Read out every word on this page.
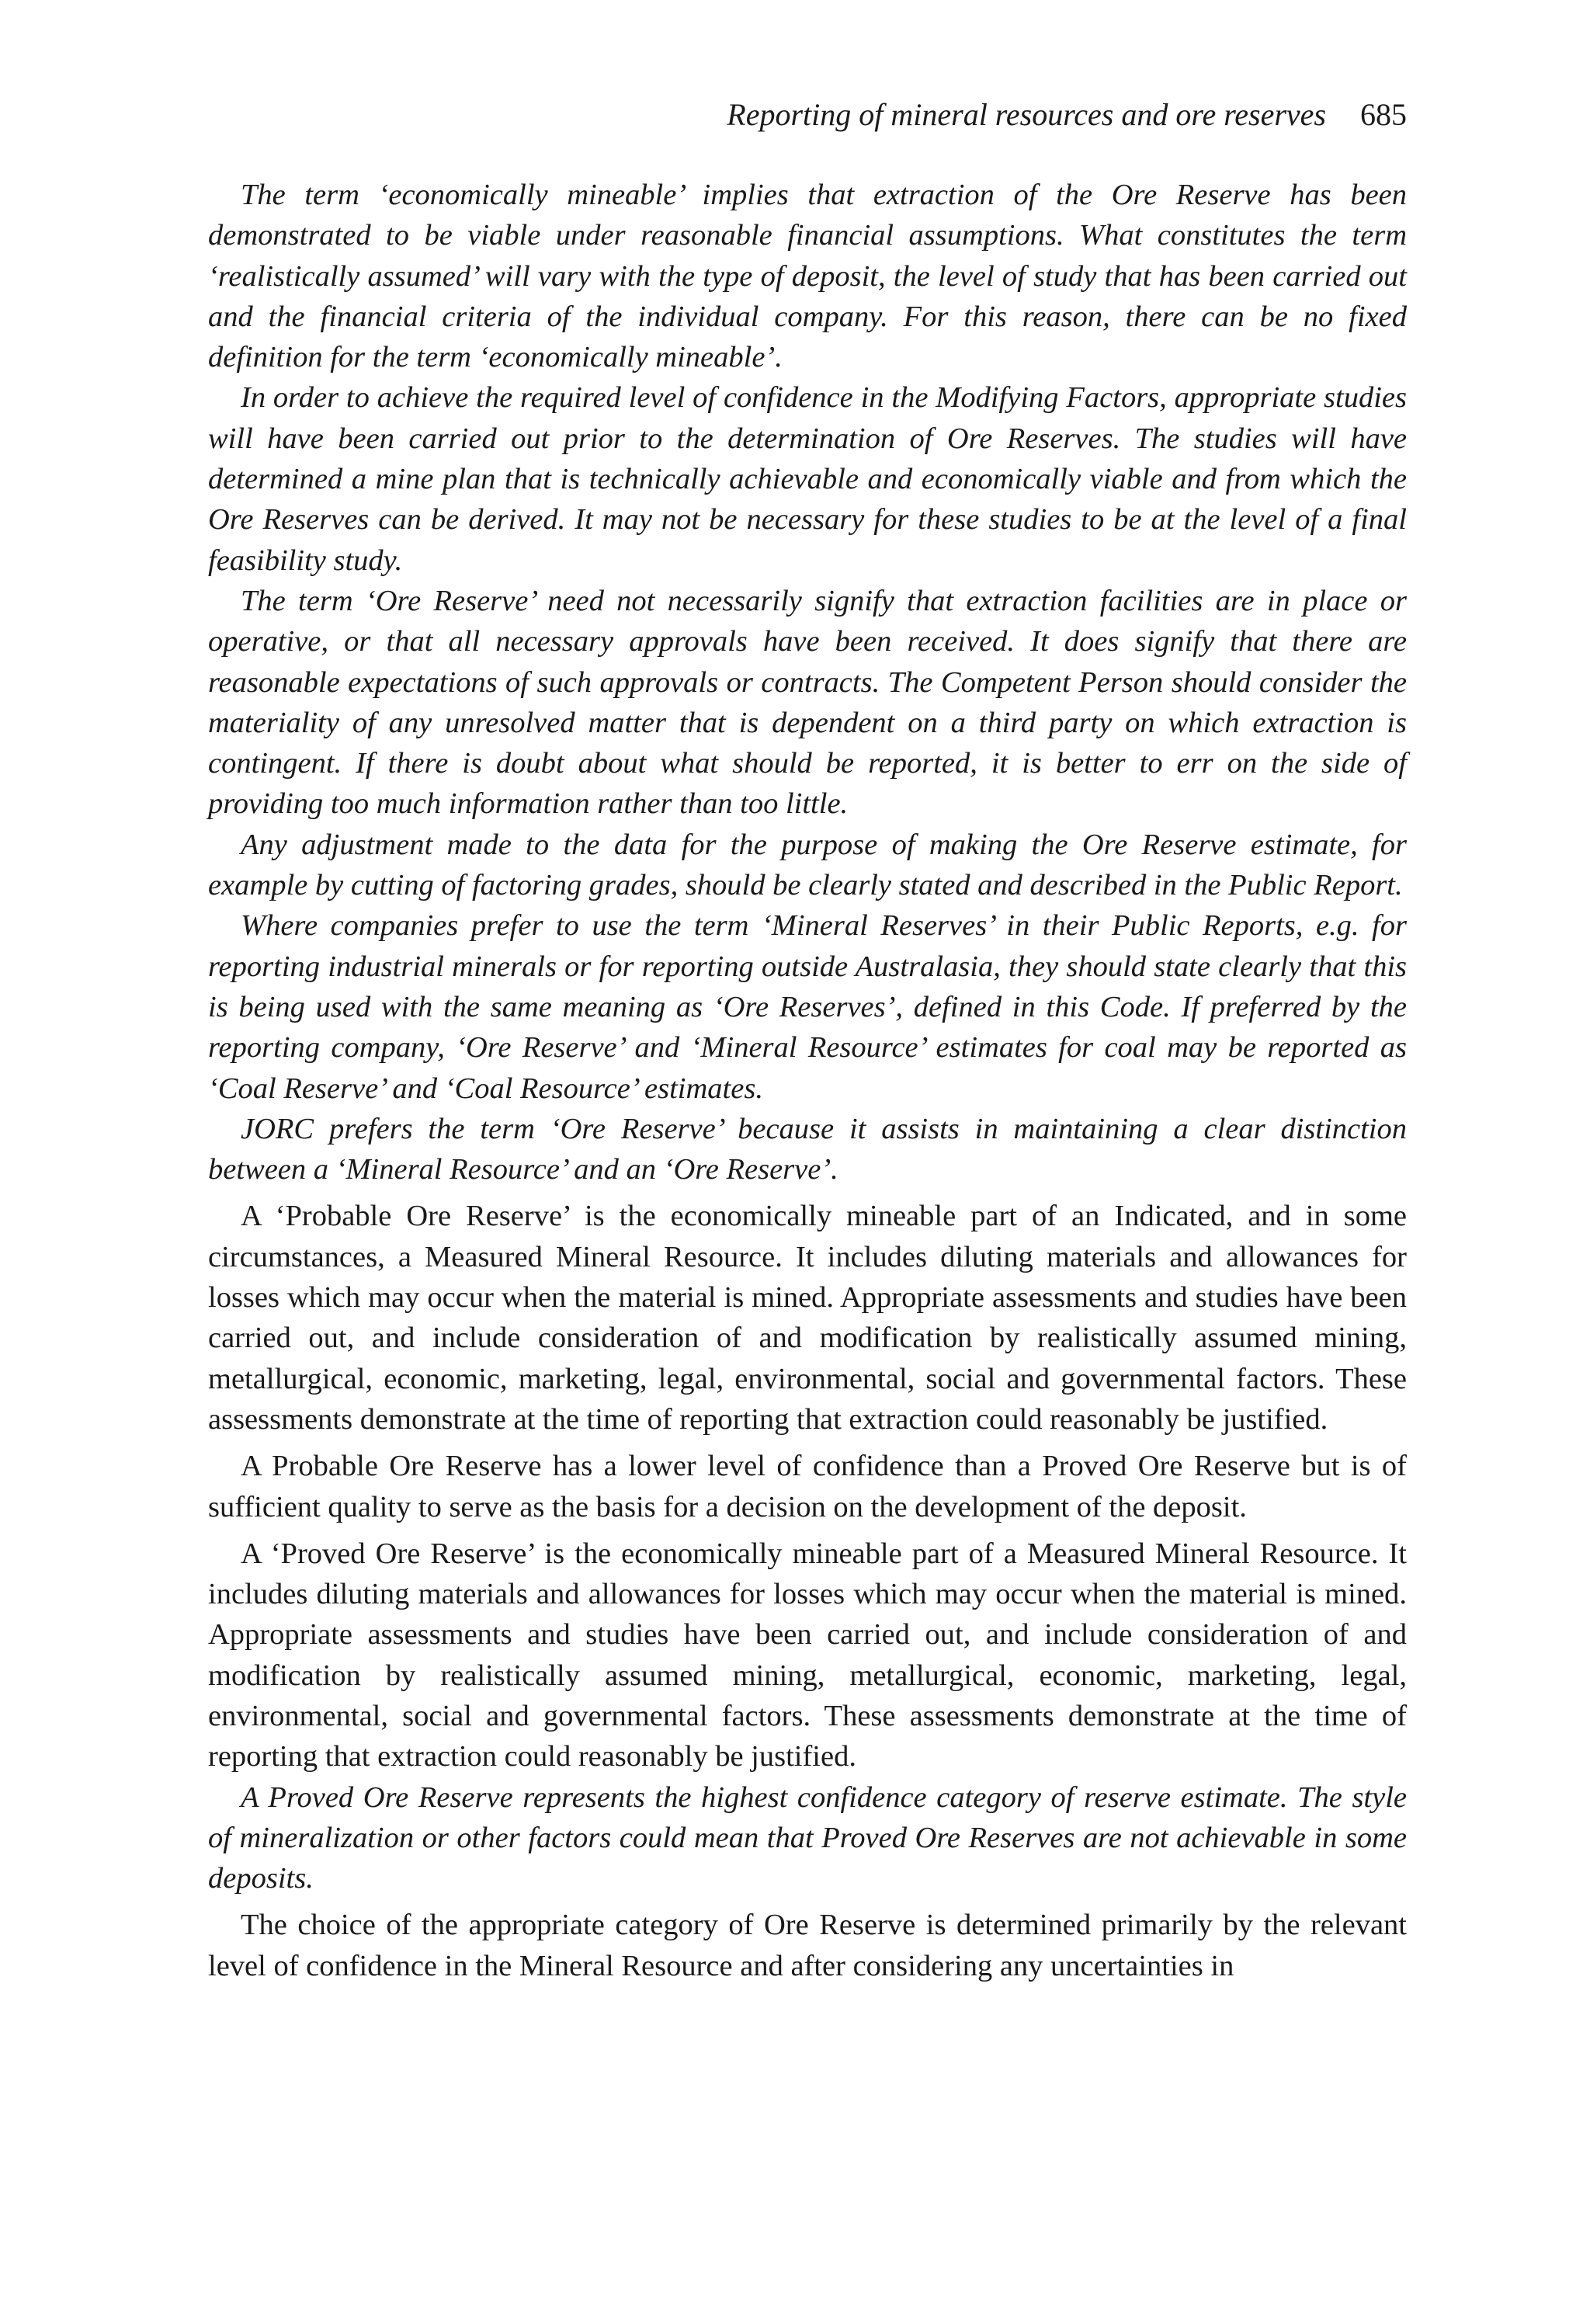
Reporting of mineral resources and ore reserves 685

The term ‘economically mineable’ implies that extraction of the Ore Reserve has been demonstrated to be viable under reasonable financial assumptions. What constitutes the term ‘realistically assumed’ will vary with the type of deposit, the level of study that has been carried out and the financial criteria of the individual company. For this reason, there can be no fixed definition for the term ‘economically mineable’.

In order to achieve the required level of confidence in the Modifying Factors, appropriate studies will have been carried out prior to the determination of Ore Reserves. The studies will have determined a mine plan that is technically achievable and economically viable and from which the Ore Reserves can be derived. It may not be necessary for these studies to be at the level of a final feasibility study.

The term ‘Ore Reserve’ need not necessarily signify that extraction facilities are in place or operative, or that all necessary approvals have been received. It does signify that there are reasonable expectations of such approvals or contracts. The Competent Person should consider the materiality of any unresolved matter that is dependent on a third party on which extraction is contingent. If there is doubt about what should be reported, it is better to err on the side of providing too much information rather than too little.

Any adjustment made to the data for the purpose of making the Ore Reserve estimate, for example by cutting of factoring grades, should be clearly stated and described in the Public Report.

Where companies prefer to use the term ‘Mineral Reserves’ in their Public Reports, e.g. for reporting industrial minerals or for reporting outside Australasia, they should state clearly that this is being used with the same meaning as ‘Ore Reserves’, defined in this Code. If preferred by the reporting company, ‘Ore Reserve’ and ‘Mineral Resource’ estimates for coal may be reported as ‘Coal Reserve’ and ‘Coal Resource’ estimates.

JORC prefers the term ‘Ore Reserve’ because it assists in maintaining a clear distinction between a ‘Mineral Resource’ and an ‘Ore Reserve’.

A ‘Probable Ore Reserve’ is the economically mineable part of an Indicated, and in some circumstances, a Measured Mineral Resource. It includes diluting materials and allowances for losses which may occur when the material is mined. Appropriate assessments and studies have been carried out, and include consideration of and modification by realistically assumed mining, metallurgical, economic, marketing, legal, environmental, social and governmental factors. These assessments demonstrate at the time of reporting that extraction could reasonably be justified.

A Probable Ore Reserve has a lower level of confidence than a Proved Ore Reserve but is of sufficient quality to serve as the basis for a decision on the development of the deposit.

A ‘Proved Ore Reserve’ is the economically mineable part of a Measured Mineral Resource. It includes diluting materials and allowances for losses which may occur when the material is mined. Appropriate assessments and studies have been carried out, and include consideration of and modification by realistically assumed mining, metallurgical, economic, marketing, legal, environmental, social and governmental factors. These assessments demonstrate at the time of reporting that extraction could reasonably be justified.

A Proved Ore Reserve represents the highest confidence category of reserve estimate. The style of mineralization or other factors could mean that Proved Ore Reserves are not achievable in some deposits.

The choice of the appropriate category of Ore Reserve is determined primarily by the relevant level of confidence in the Mineral Resource and after considering any uncertainties in
